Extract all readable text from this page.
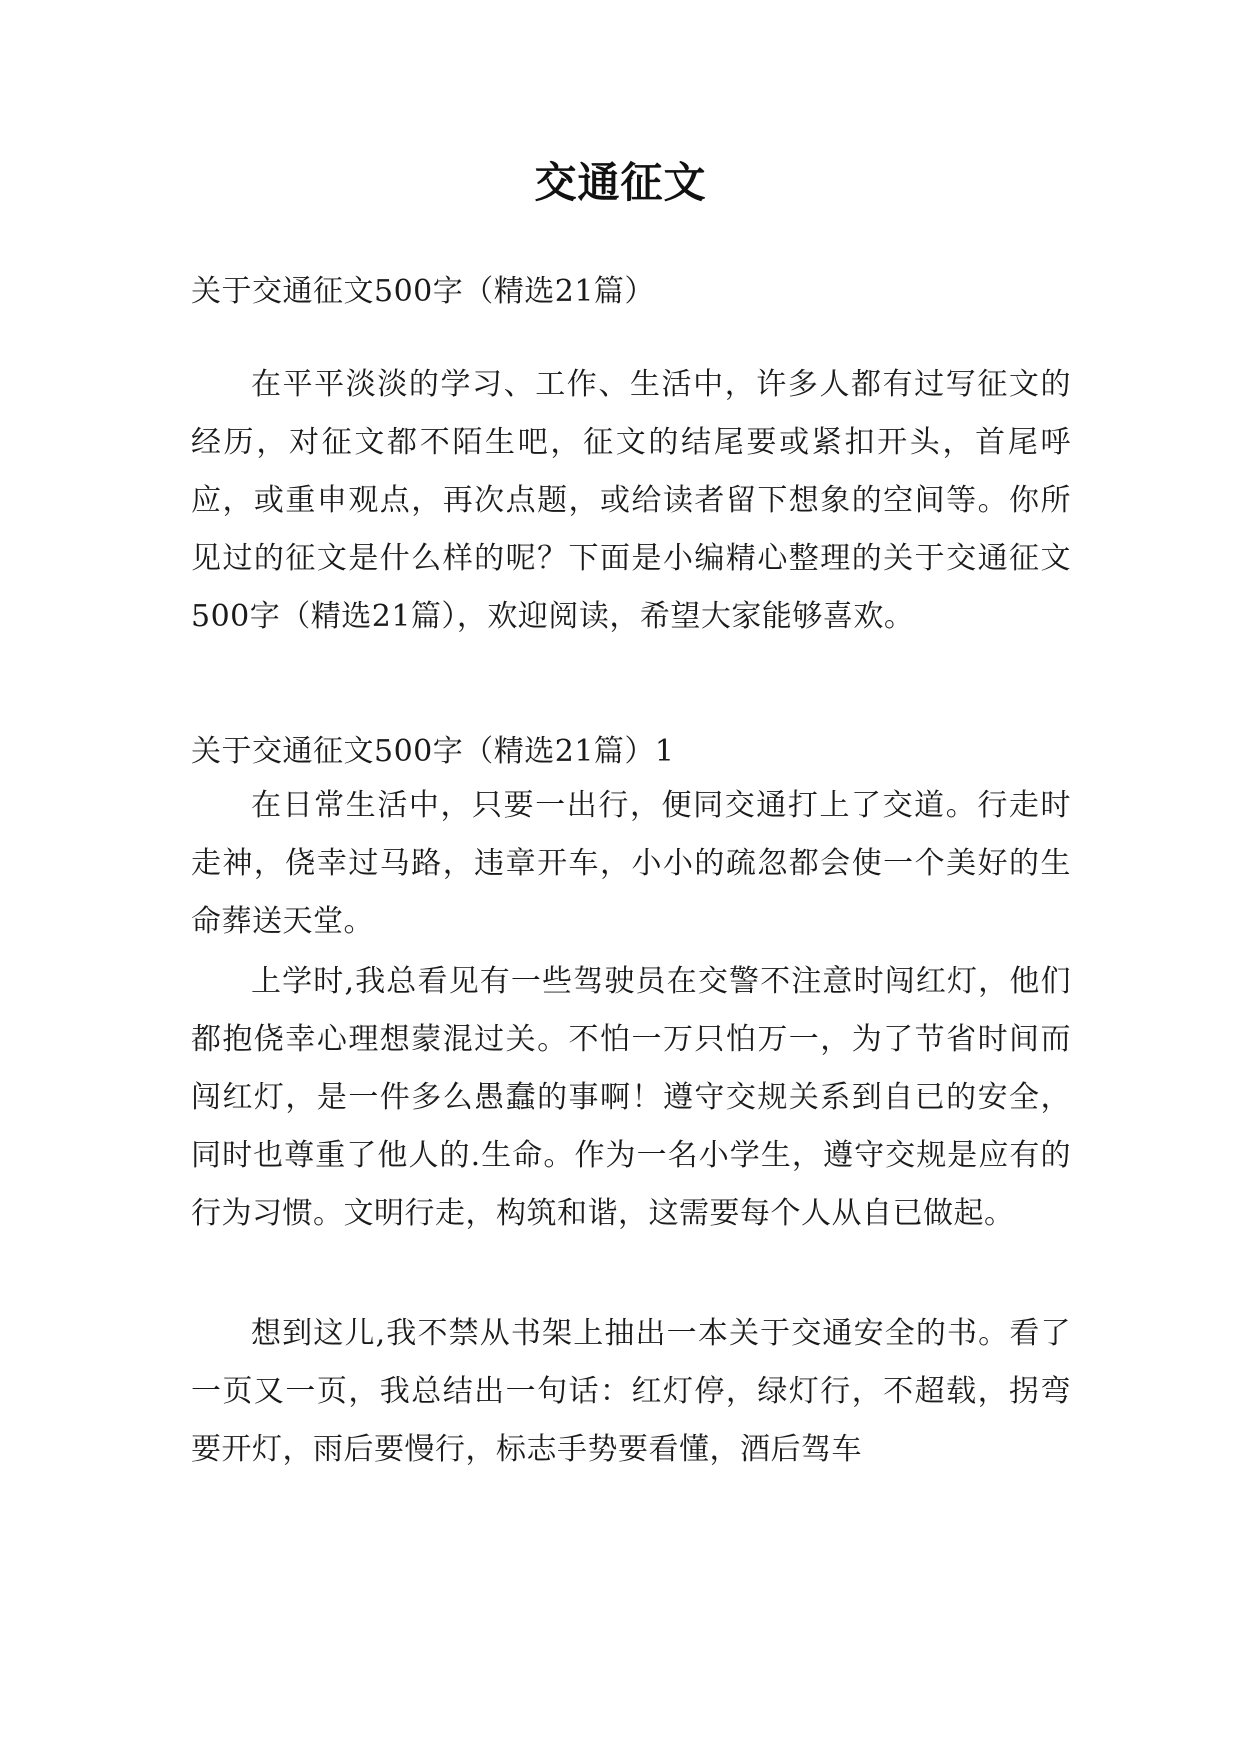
交通征文
关于交通征文500字（精选21篇）

在平平淡淡的学习、工作、生活中，许多人都有过写征文的经历，对征文都不陌生吧，征文的结尾要或紧扣开头，首尾呼应，或重申观点，再次点题，或给读者留下想象的空间等。你所见过的征文是什么样的呢？下面是小编精心整理的关于交通征文500字（精选21篇），欢迎阅读，希望大家能够喜欢。

关于交通征文500字（精选21篇）1

在日常生活中，只要一出行，便同交通打上了交道。行走时走神，侥幸过马路，违章开车，小小的疏忽都会使一个美好的生命葬送天堂。

上学时,我总看见有一些驾驶员在交警不注意时闯红灯，他们都抱侥幸心理想蒙混过关。不怕一万只怕万一，为了节省时间而闯红灯，是一件多么愚蠢的事啊！遵守交规关系到自已的安全，同时也尊重了他人的.生命。作为一名小学生，遵守交规是应有的行为习惯。文明行走，构筑和谐，这需要每个人从自已做起。

想到这儿,我不禁从书架上抽出一本关于交通安全的书。看了一页又一页，我总结出一句话：红灯停，绿灯行，不超载，拐弯要开灯，雨后要慢行，标志手势要看懂，酒后驾车
